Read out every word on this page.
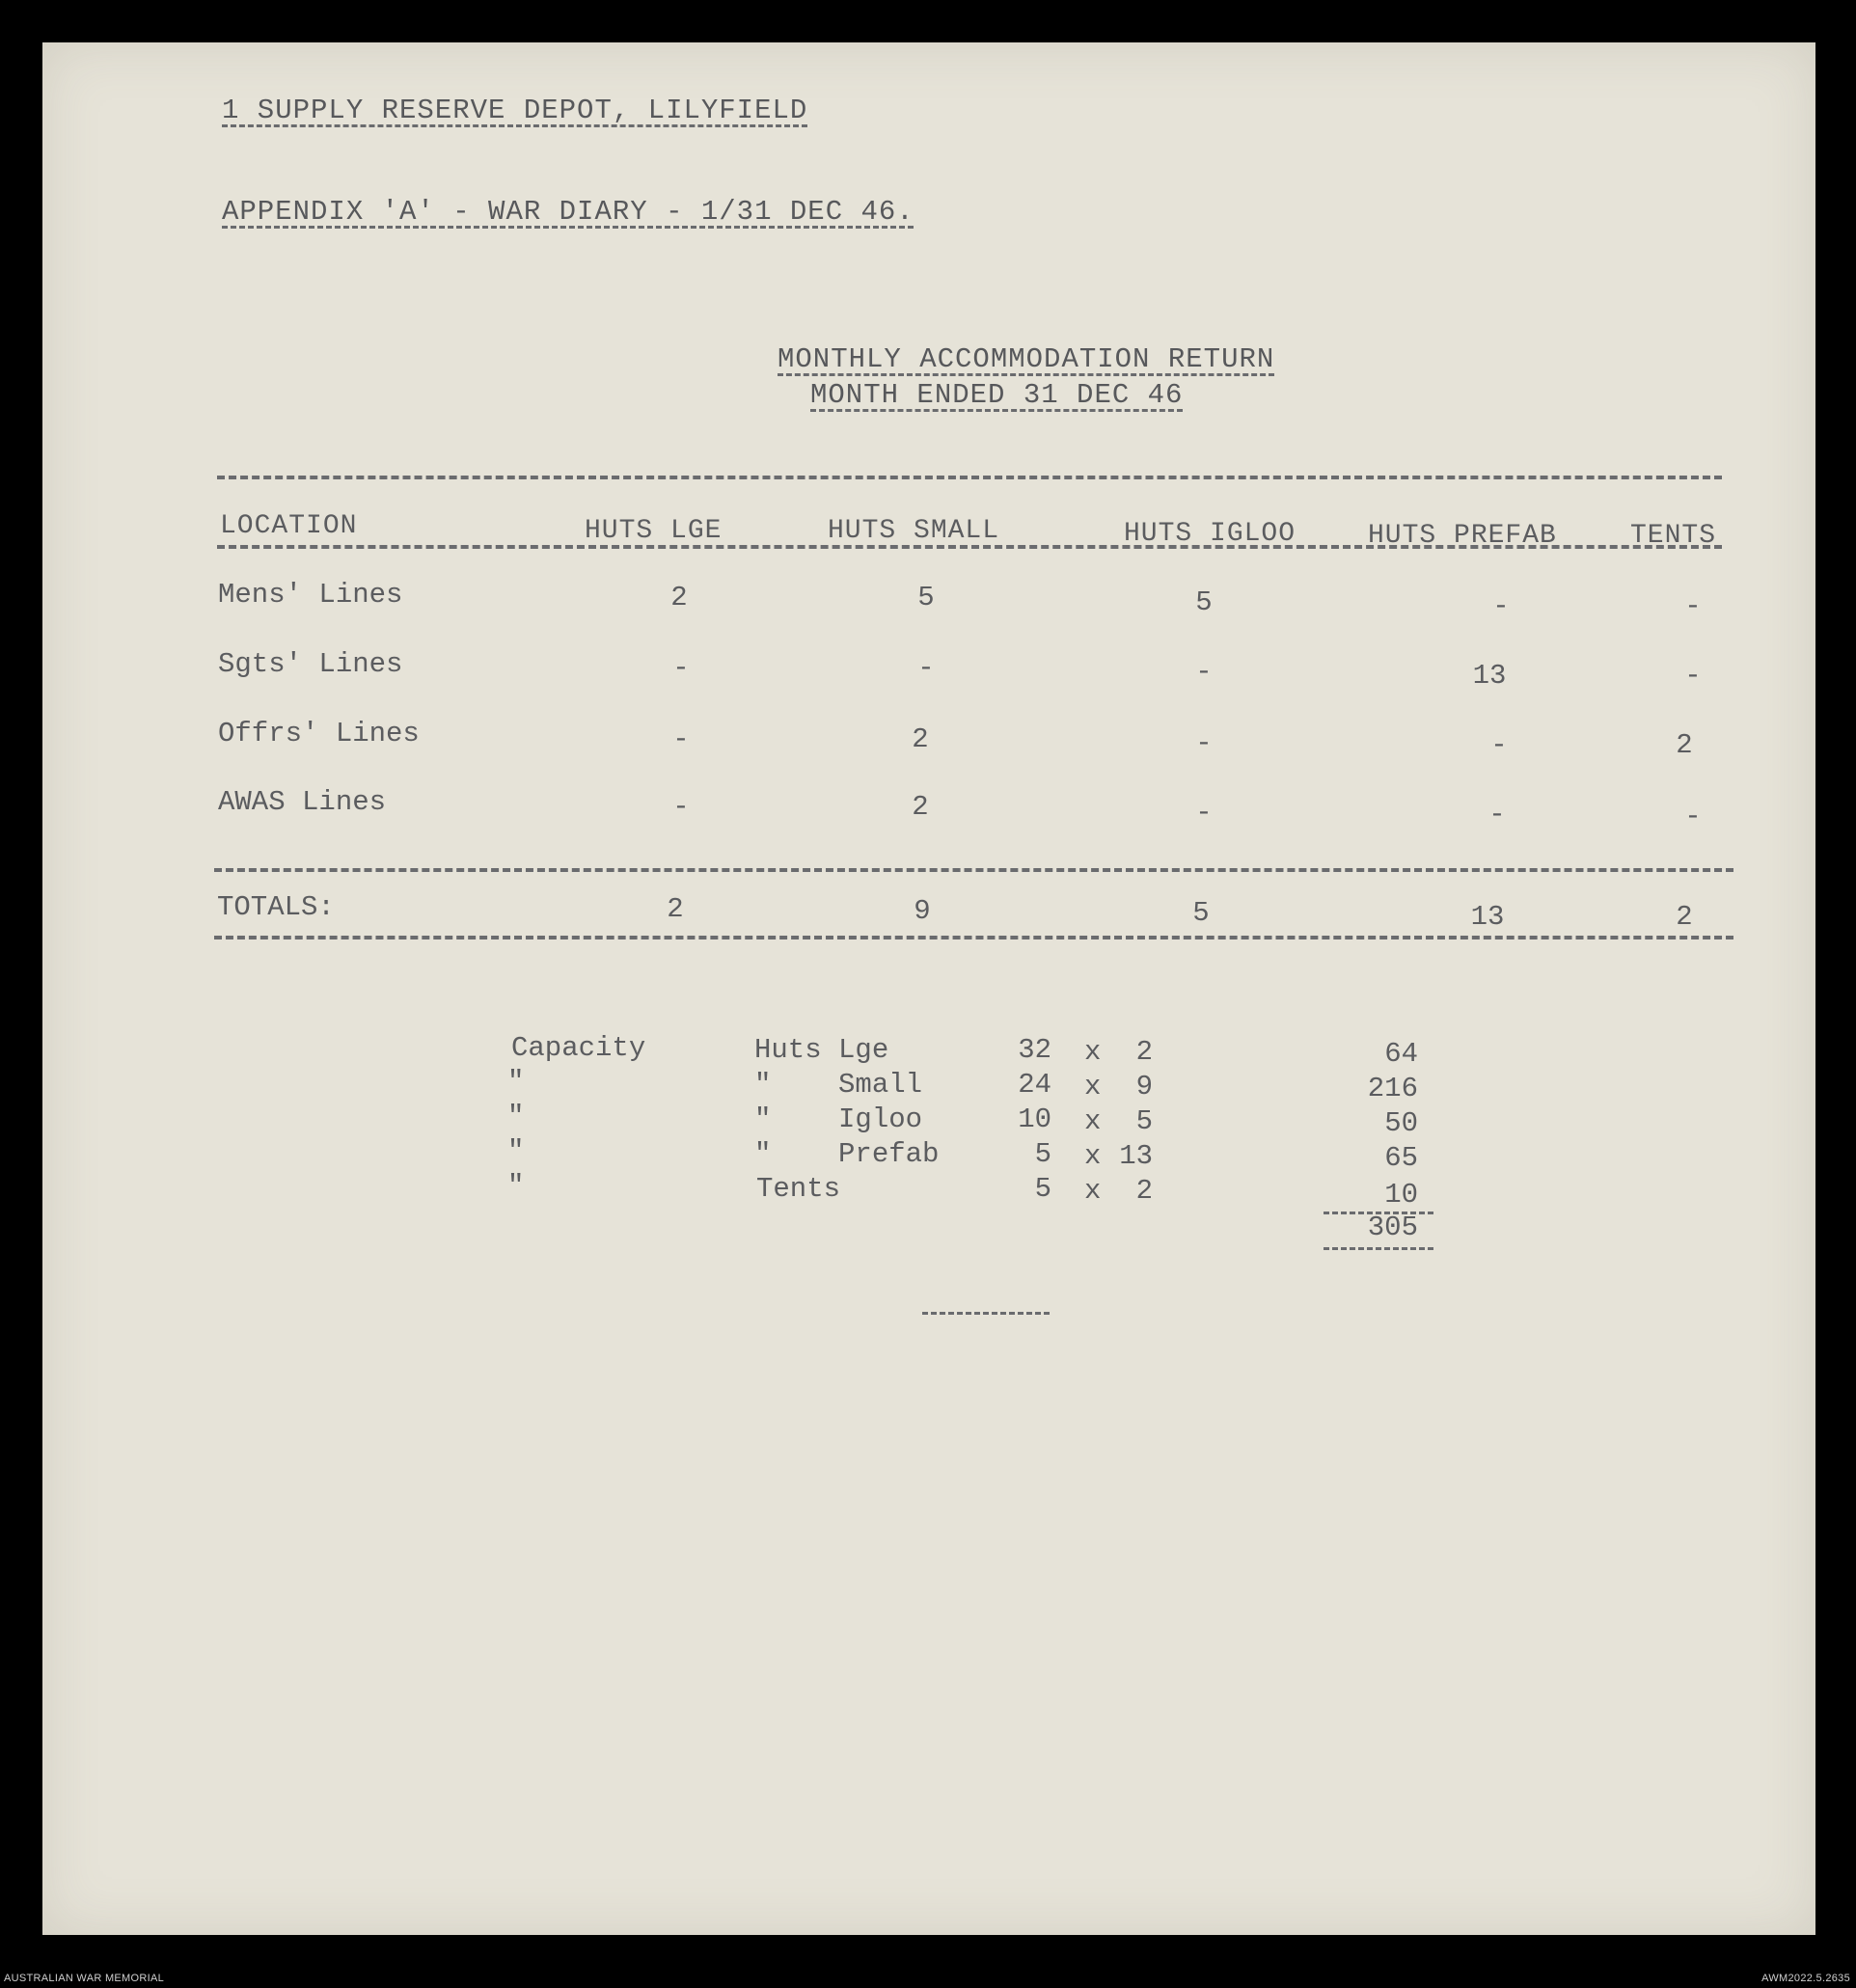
1 SUPPLY RESERVE DEPOT, LILYFIELD
APPENDIX 'A' - WAR DIARY - 1/31 DEC 46.
MONTHLY ACCOMMODATION RETURN
MONTH ENDED 31 DEC 46
LOCATION	HUTS LGE	HUTS SMALL	HUTS IGLOO	HUTS PREFAB	TENTS
Mens' Lines	2	5	5	-	-
Sgts' Lines	-	-	-	13	-
Offrs' Lines	-	2	-	-	2
AWAS Lines	-	2	-	-	-
TOTALS:	2	9	5	13	2
Capacity	Huts Lge	32 x	2	64
"	"    Small	24 x	9	216
"	"    Igloo	10 x	5	50
"	"    Prefab	5 x 13	65
"	Tents	5 x	2	10
305
AUSTRALIAN WAR MEMORIAL	AWM2022.5.2635
